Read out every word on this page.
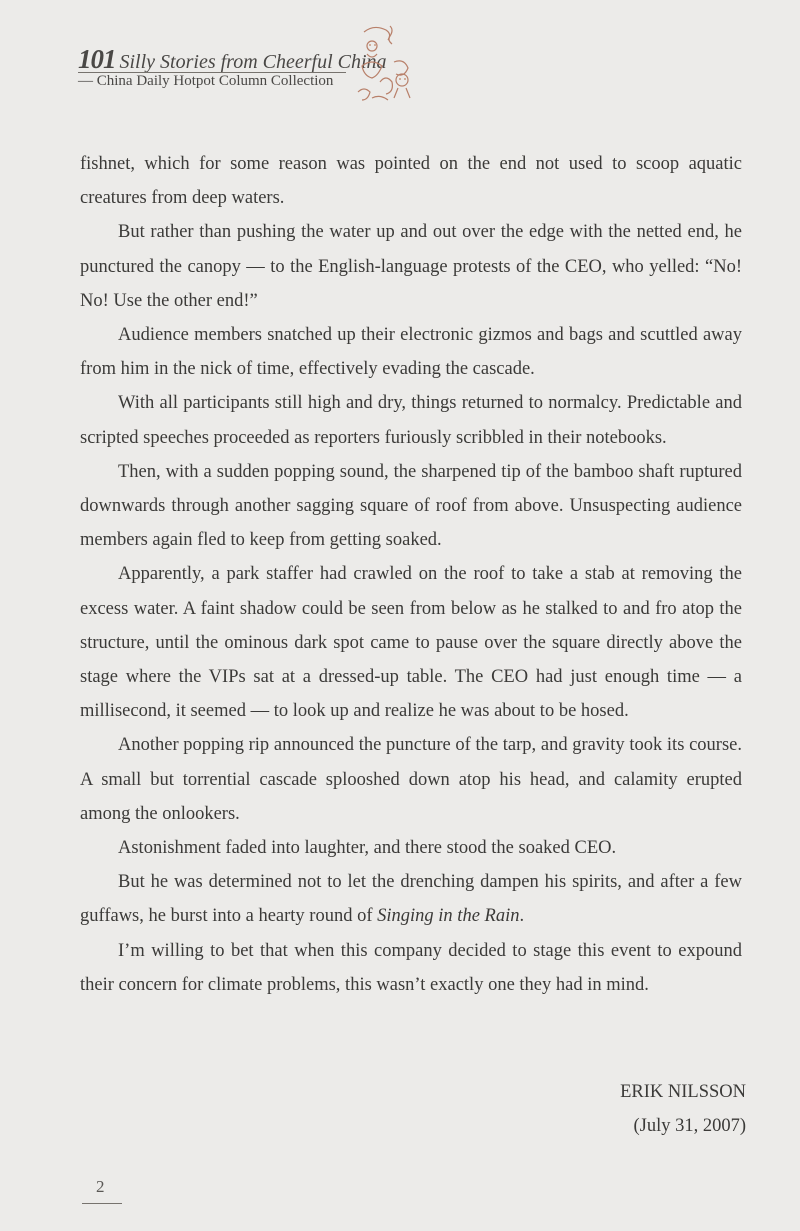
101 Silly Stories from Cheerful China
— China Daily Hotpot Column Collection

fishnet, which for some reason was pointed on the end not used to scoop aquatic creatures from deep waters.

But rather than pushing the water up and out over the edge with the netted end, he punctured the canopy — to the English-language protests of the CEO, who yelled: “No! No! Use the other end!”

Audience members snatched up their electronic gizmos and bags and scuttled away from him in the nick of time, effectively evading the cascade.

With all participants still high and dry, things returned to normalcy. Predictable and scripted speeches proceeded as reporters furiously scribbled in their notebooks.

Then, with a sudden popping sound, the sharpened tip of the bamboo shaft ruptured downwards through another sagging square of roof from above. Unsuspecting audience members again fled to keep from getting soaked.

Apparently, a park staffer had crawled on the roof to take a stab at removing the excess water. A faint shadow could be seen from below as he stalked to and fro atop the structure, until the ominous dark spot came to pause over the square directly above the stage where the VIPs sat at a dressed-up table. The CEO had just enough time — a millisecond, it seemed — to look up and realize he was about to be hosed.

Another popping rip announced the puncture of the tarp, and gravity took its course. A small but torrential cascade splooshed down atop his head, and calamity erupted among the onlookers.

Astonishment faded into laughter, and there stood the soaked CEO.

But he was determined not to let the drenching dampen his spirits, and after a few guffaws, he burst into a hearty round of Singing in the Rain.

I’m willing to bet that when this company decided to stage this event to expound their concern for climate problems, this wasn’t exactly one they had in mind.

ERIK NILSSON
(July 31, 2007)
2
